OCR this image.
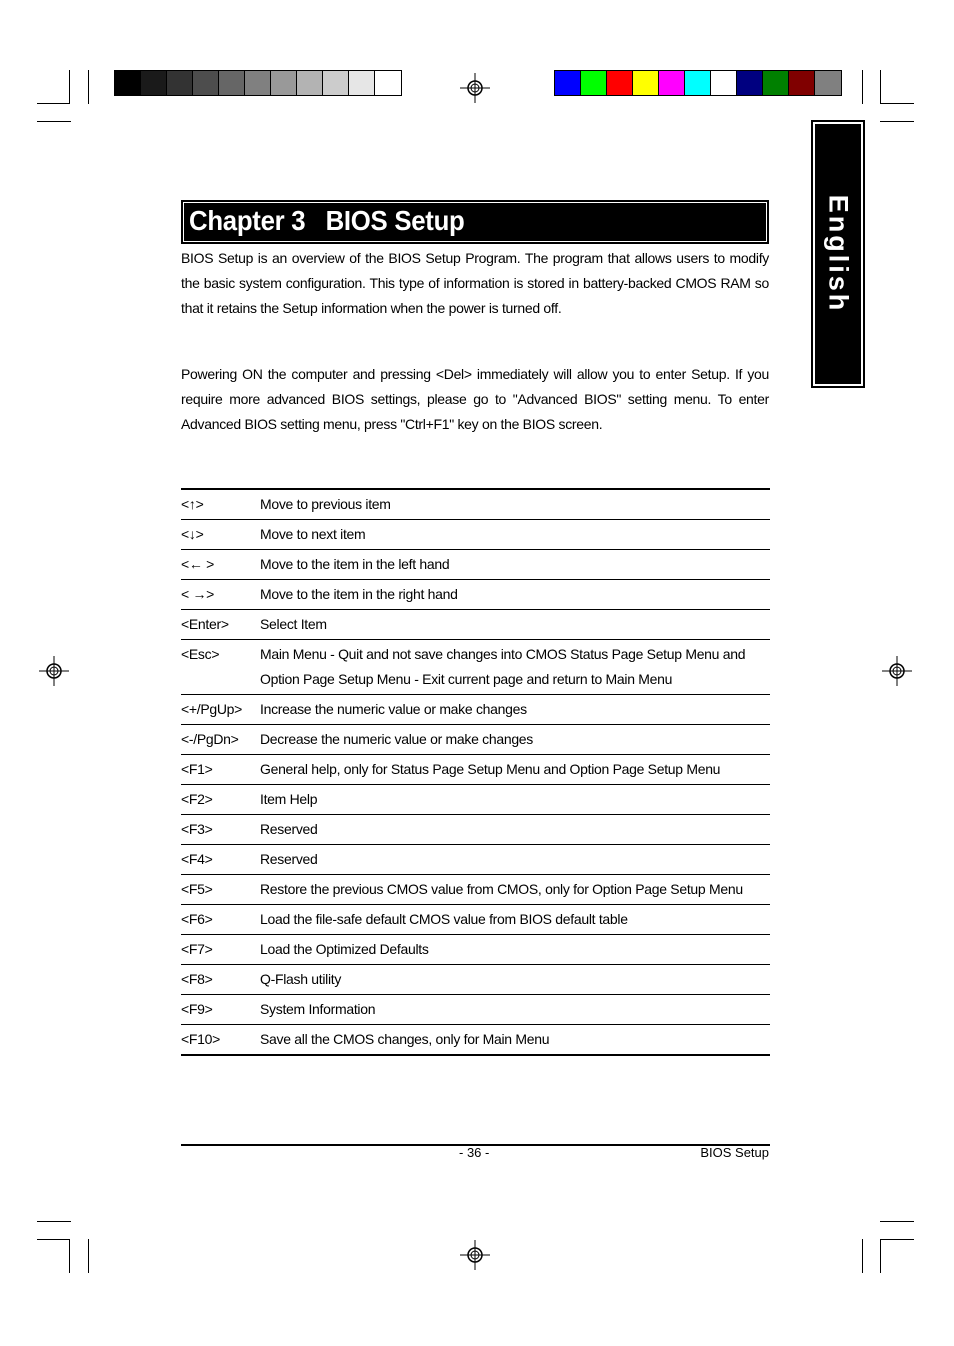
English
Chapter 3 BIOS Setup
BIOS Setup is an overview of the BIOS Setup Program. The program that allows users to modify the basic system configuration. This type of information is stored in battery-backed CMOS RAM so that it retains the Setup information when the power is turned off.
Powering ON the computer and pressing <Del> immediately will allow you to enter Setup. If you require more advanced BIOS settings, please go to "Advanced BIOS" setting menu. To enter Advanced BIOS setting menu, press "Ctrl+F1" key on the BIOS screen.
<↑>	Move to previous item
<↓>	Move to next item
<← >	Move to the item in the left hand
< →>	Move to the item in the right hand
<Enter>	Select Item
<Esc>	Main Menu - Quit and not save changes into CMOS Status Page Setup Menu and Option Page Setup Menu - Exit current page and return to Main Menu
<+/PgUp>	Increase the numeric value or make changes
<-/PgDn>	Decrease the numeric value or make changes
<F1>	General help, only for Status Page Setup Menu and Option Page Setup Menu
<F2>	Item Help
<F3>	Reserved
<F4>	Reserved
<F5>	Restore the previous CMOS value from CMOS, only for Option Page Setup Menu
<F6>	Load the file-safe default CMOS value from BIOS default table
<F7>	Load the Optimized Defaults
<F8>	Q-Flash utility
<F9>	System Information
<F10>	Save all the CMOS changes, only for Main Menu
- 36 -	BIOS Setup
